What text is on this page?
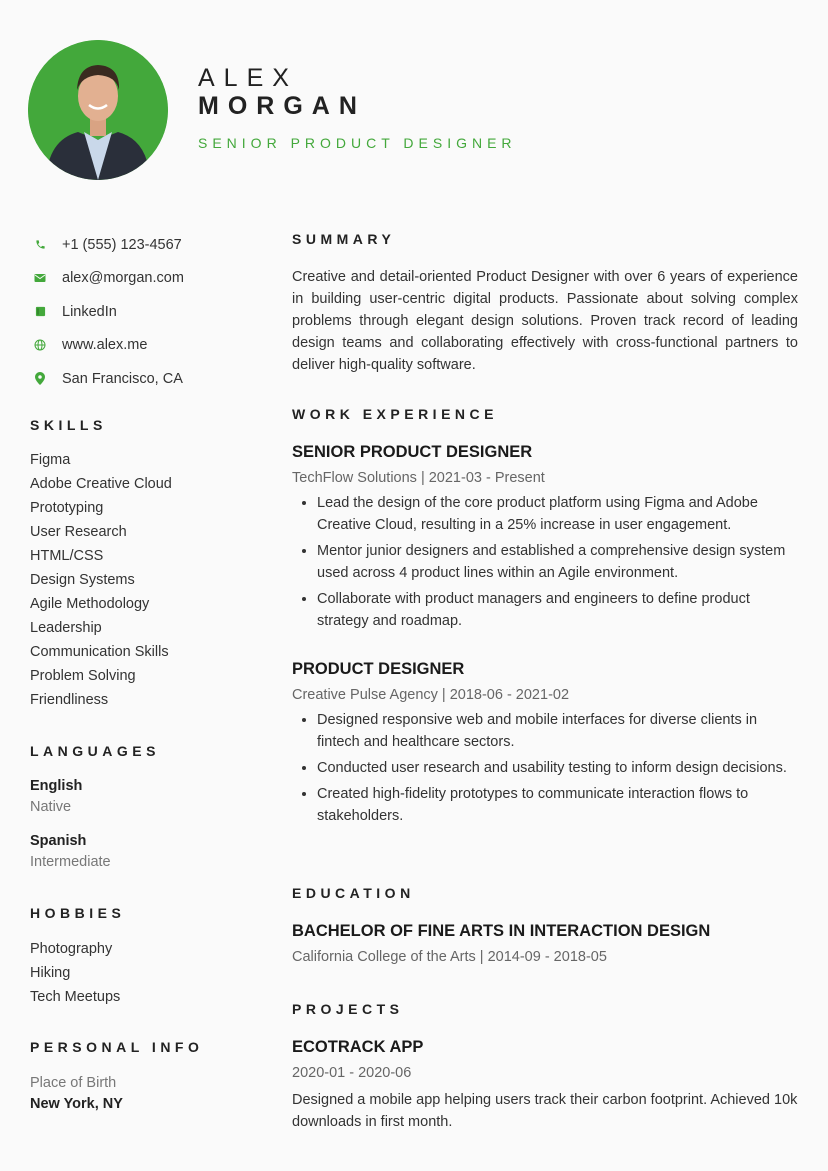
ALEX
MORGAN
SENIOR PRODUCT DESIGNER
+1 (555) 123-4567
alex@morgan.com
LinkedIn
www.alex.me
San Francisco, CA
SKILLS
Figma
Adobe Creative Cloud
Prototyping
User Research
HTML/CSS
Design Systems
Agile Methodology
Leadership
Communication Skills
Problem Solving
Friendliness
LANGUAGES
English
Native
Spanish
Intermediate
HOBBIES
Photography
Hiking
Tech Meetups
PERSONAL INFO
Place of Birth
New York, NY
SUMMARY
Creative and detail-oriented Product Designer with over 6 years of experience in building user-centric digital products. Passionate about solving complex problems through elegant design solutions. Proven track record of leading design teams and collaborating effectively with cross-functional partners to deliver high-quality software.
WORK EXPERIENCE
SENIOR PRODUCT DESIGNER
TechFlow Solutions | 2021-03 - Present
• Lead the design of the core product platform using Figma and Adobe Creative Cloud, resulting in a 25% increase in user engagement.
• Mentor junior designers and established a comprehensive design system used across 4 product lines within an Agile environment.
• Collaborate with product managers and engineers to define product strategy and roadmap.
PRODUCT DESIGNER
Creative Pulse Agency | 2018-06 - 2021-02
• Designed responsive web and mobile interfaces for diverse clients in fintech and healthcare sectors.
• Conducted user research and usability testing to inform design decisions.
• Created high-fidelity prototypes to communicate interaction flows to stakeholders.
EDUCATION
BACHELOR OF FINE ARTS IN INTERACTION DESIGN
California College of the Arts | 2014-09 - 2018-05
PROJECTS
ECOTRACK APP
2020-01 - 2020-06
Designed a mobile app helping users track their carbon footprint. Achieved 10k downloads in first month.
